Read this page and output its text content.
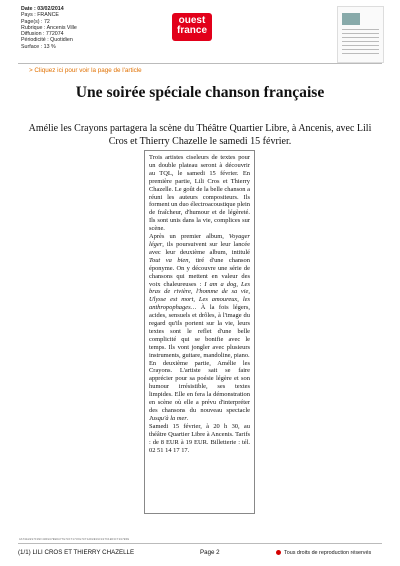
Date : 03/02/2014
Pays : FRANCE
Page(s) : 72
Rubrique : Ancenis Ville
Diffusion : 772074
Périodicité : Quotidien
Surface : 13 %
ouest
france
> Cliquez ici pour voir la page de l'article
Une soirée spéciale chanson française
Amélie les Crayons partagera la scène du Théâtre Quartier Libre, à Ancenis, avec Lili Cros et Thierry Chazelle le samedi 15 février.

Trois artistes ciseleurs de textes pour un double plateau seront à découvrir au TQL, le samedi 15 février. En première partie, Lili Cros et Thierry Chazelle. Le goût de la belle chanson a réuni les auteurs compositeurs. Ils forment un duo électroacoustique plein de fraîcheur, d'humour et de légèreté. Ils sont unis dans la vie, complices sur scène.

Après un premier album, Voyager léger, ils poursuivent sur leur lancée avec leur deuxième album, intitulé Tout va bien, tiré d'une chanson éponyme. On y découvre une série de chansons qui mettent en valeur des voix chaleureuses : I am a dog, Les bras de rivière, l'homme de sa vie, Ulysse est mort, Les amoureux, les anthropophages… À la fois légers, acides, sensuels et drôles, à l'image du regard qu'ils portent sur la vie, leurs textes sont le reflet d'une belle complicité qui se bonifie avec le temps. Ils vont jongler avec plusieurs instruments, guitare, mandoline, piano.

En deuxième partie, Amélie les Crayons. L'artiste sait se faire apprécier pour sa poésie légère et son humour irrésistible, ses textes limpides. Elle en fera la démonstration en scène où elle a prévu d'interpréter des chansons du nouveau spectacle Jusqu'à la mer.

Samedi 15 février, à 20 h 30, au théâtre Quartier Libre à Ancenis. Tarifs : de 8 EUR à 19 EUR. Billetterie : tél. 02 51 14 17 17.

AA70E8897F09F40D807BED877E70C7173CE7071AD8B19C02761ED3C7207BD8
(1/1) LILI CROS ET THIERRY CHAZELLE	Page 2	Tous droits de reproduction réservés
